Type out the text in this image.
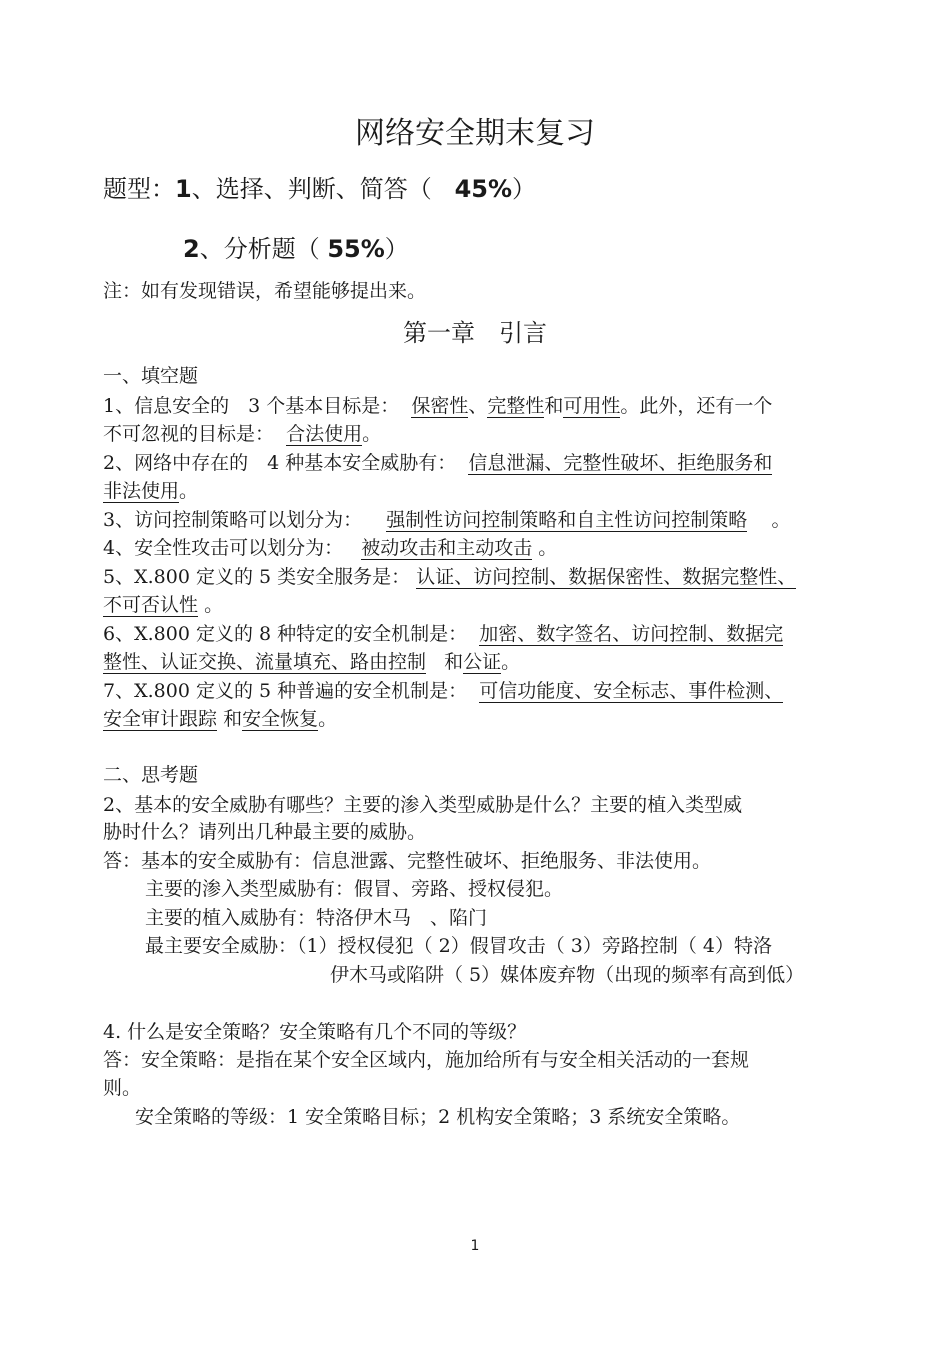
网络安全期末复习
题型：1、选择、判断、简答（ 45%）
2、分析题（ 55%）
注：如有发现错误，希望能够提出来。
第一章　引言
一、填空题
1、信息安全的　3 个基本目标是： 保密性、完整性和可用性。此外，还有一个
不可忽视的目标是： 合法使用。
2、网络中存在的　4 种基本安全威胁有： 信息泄漏、完整性破坏、拒绝服务和
非法使用。
3、访问控制策略可以划分为： 强制性访问控制策略和自主性访问控制策略 。
4、安全性攻击可以划分为： 被动攻击和主动攻击 。
5、X.800 定义的 5 类安全服务是： 认证、访问控制、数据保密性、数据完整性、
不可否认性 。
6、X.800 定义的 8 种特定的安全机制是： 加密、数字签名、访问控制、数据完
整性、认证交换、流量填充、路由控制 和公证。
7、X.800 定义的 5 种普遍的安全机制是： 可信功能度、安全标志、事件检测、
安全审计跟踪 和安全恢复。
二、思考题
2、基本的安全威胁有哪些？主要的渗入类型威胁是什么？主要的植入类型威
胁时什么？请列出几种最主要的威胁。
答：基本的安全威胁有：信息泄露、完整性破坏、拒绝服务、非法使用。
主要的渗入类型威胁有：假冒、旁路、授权侵犯。
主要的植入威胁有：特洛伊木马　、陷门
最主要安全威胁：（1）授权侵犯（ 2）假冒攻击（ 3）旁路控制（ 4）特洛
伊木马或陷阱（ 5）媒体废弃物（出现的频率有高到低）
4. 什么是安全策略？安全策略有几个不同的等级？
答：安全策略：是指在某个安全区域内，施加给所有与安全相关活动的一套规
则。
安全策略的等级：1 安全策略目标；2 机构安全策略；3 系统安全策略。
1
